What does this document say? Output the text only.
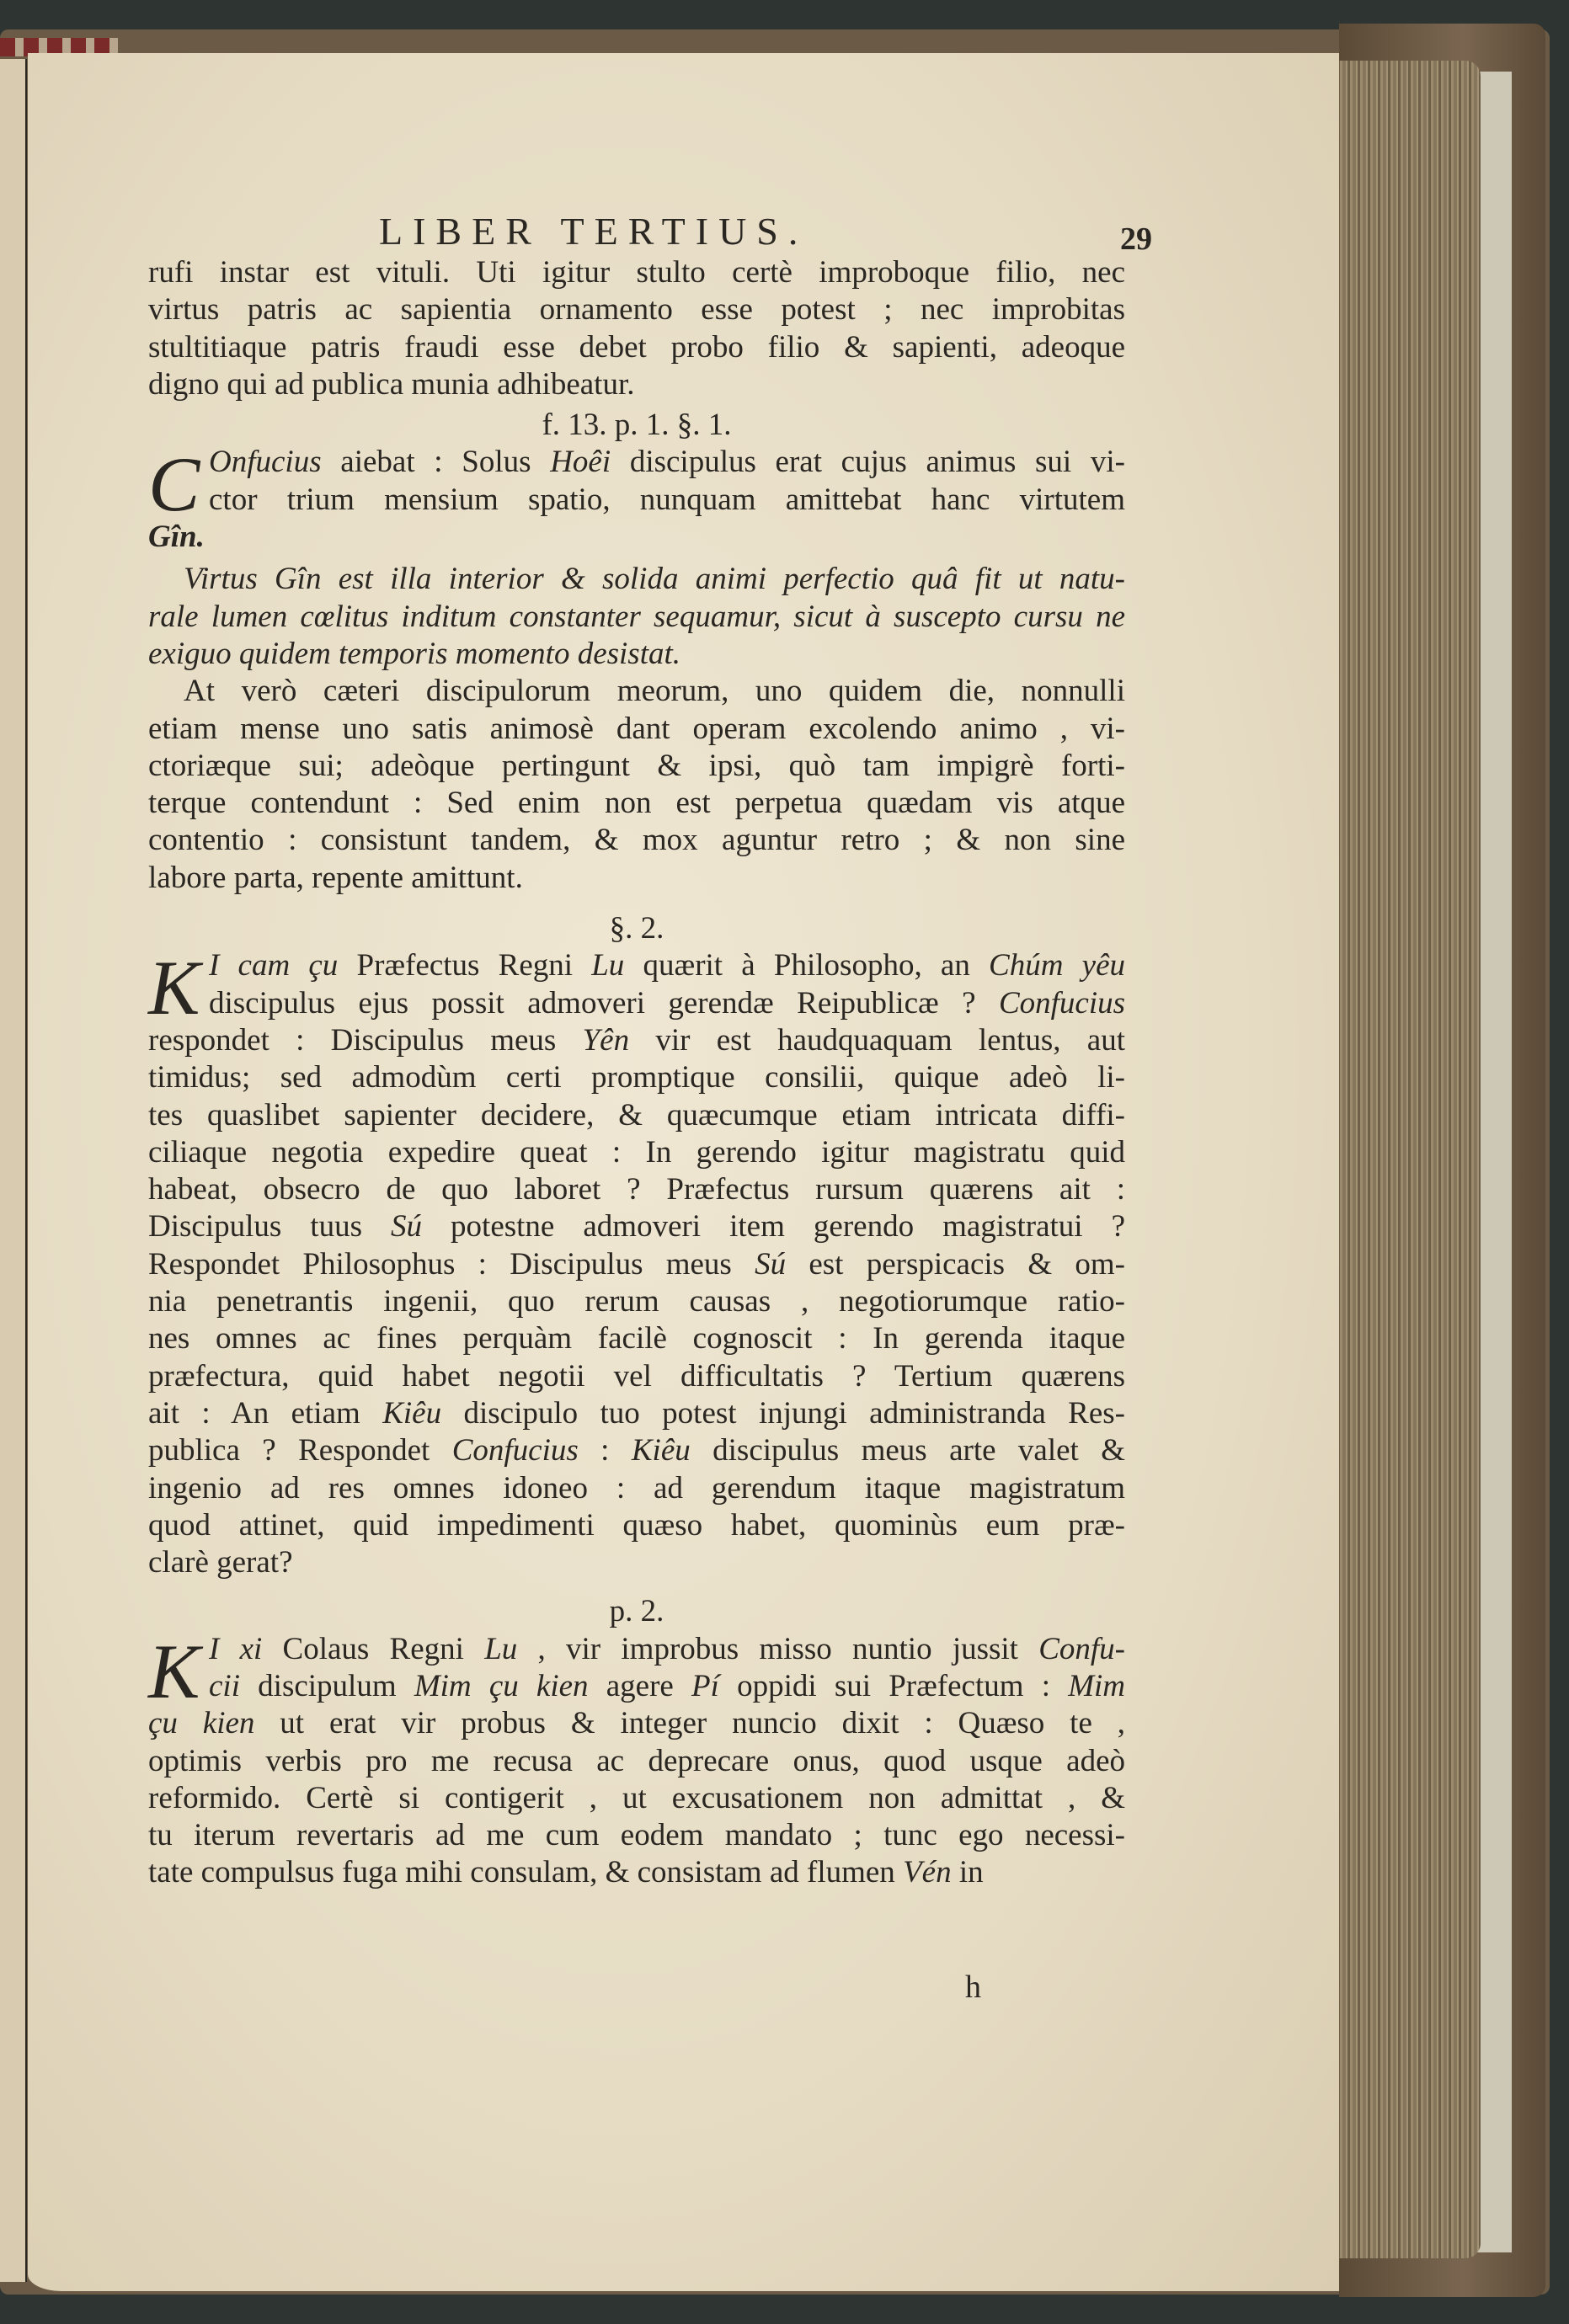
LIBER TERTIUS.	29
rufi instar est vituli. Uti igitur stulto certè improboque filio, nec
virtus patris ac sapientia ornamento esse potest ; nec improbitas
stultitiaque patris fraudi esse debet probo filio & sapienti, adeoque
digno qui ad publica munia adhibeatur.
f. 13. p. 1. §. 1.
C Onfucius aiebat : Solus Hoêi discipulus erat cujus animus sui vi-
ctor trium mensium spatio, nunquam amittebat hanc virtutem
Gîn.
Virtus Gîn est illa interior & solida animi perfectio quâ fit ut natu-
rale lumen cœlitus inditum constanter sequamur, sicut à suscepto cursu ne
exiguo quidem temporis momento desistat.
At verò cæteri discipulorum meorum, uno quidem die, nonnulli
etiam mense uno satis animosè dant operam excolendo animo , vi-
ctoriæque sui; adeòque pertingunt & ipsi, quò tam impigrè forti-
terque contendunt : Sed enim non est perpetua quædam vis atque
contentio : consistunt tandem, & mox aguntur retro ; & non sine
labore parta, repente amittunt.
§. 2.
K I cam çu Præfectus Regni Lu quærit à Philosopho, an Chúm yêu
discipulus ejus possit admoveri gerendæ Reipublicæ ? Confucius
respondet : Discipulus meus Yên vir est haudquaquam lentus, aut
timidus; sed admodùm certi promptique consilii, quique adeò li-
tes quaslibet sapienter decidere, & quæcumque etiam intricata diffi-
ciliaque negotia expedire queat : In gerendo igitur magistratu quid
habeat, obsecro de quo laboret ? Præfectus rursum quærens ait :
Discipulus tuus Sú potestne admoveri item gerendo magistratui ?
Respondet Philosophus : Discipulus meus Sú est perspicacis & om-
nia penetrantis ingenii, quo rerum causas , negotiorumque ratio-
nes omnes ac fines perquàm facilè cognoscit : In gerenda itaque
præfectura, quid habet negotii vel difficultatis ? Tertium quærens
ait : An etiam Kiêu discipulo tuo potest injungi administranda Res-
publica ? Respondet Confucius : Kiêu discipulus meus arte valet &
ingenio ad res omnes idoneo : ad gerendum itaque magistratum
quod attinet, quid impedimenti quæso habet, quominùs eum præ-
clarè gerat?
p. 2.
K I xi Colaus Regni Lu , vir improbus misso nuntio jussit Confu-
cii discipulum Mim çu kien agere Pí oppidi sui Præfectum : Mim
çu kien ut erat vir probus & integer nuncio dixit : Quæso te ,
optimis verbis pro me recusa ac deprecare onus, quod usque adeò
reformido. Certè si contigerit , ut excusationem non admittat , &
tu iterum revertaris ad me cum eodem mandato ; tunc ego necessi-
tate compulsus fuga mihi consulam, & consistam ad flumen Vén in
h
